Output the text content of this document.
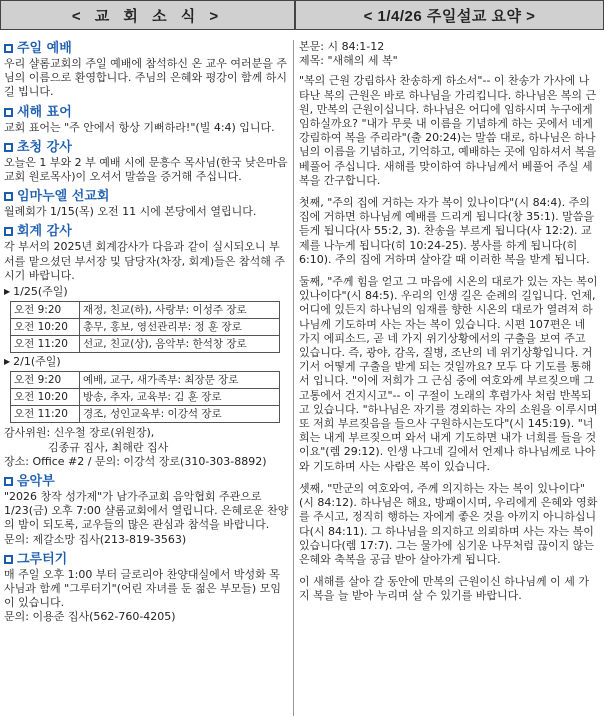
< 교 회 소 식 >	< 1/4/26 주일설교 요약 >
주일 예배

우리 샬롬교회의 주일 예배에 참석하신 온 교우 여러분을 주님의 이름으로 환영합니다. 주님의 은혜와 평강이 함께 하시길 빕니다.

새해 표어

교회 표어는 "주 안에서 항상 기뻐하라!"(빌 4:4) 입니다.

초청 강사

오늘은 1 부와 2 부 예배 시에 문흥수 목사님(한국 낮은마음교회 원로목사)이 오셔서 말씀을 증거해 주십니다.

임마누엘 선교회

월례회가 1/15(목) 오전 11 시에 본당에서 열립니다.

회계 감사

각 부서의 2025년 회계감사가 다음과 같이 실시되오니 부서를 맡으셨던 부서장 및 담당자(차장, 회계)들은 참석해 주시기 바랍니다.

▶ 1/25(주일)
오전 9:20	재정, 친교(하), 사랑부: 이성주 장로
오전 10:20	총무, 홍보, 영선관리부: 정 훈 장로
오전 11:20	선교, 친교(상), 음악부: 한석창 장로
▶ 2/1(주일)
오전 9:20	예배, 교구, 새가족부: 최장문 장로
오전 10:20	방송, 추자, 교육부: 김 훈 장로
오전 11:20	경조, 성인교육부: 이강석 장로

감사위원: 신우철 장로(위원장),

김종규 집사, 최해란 집사

장소: Office #2 / 문의: 이강석 장로(310-303-8892)

음악부

"2026 창작 성가제"가 남가주교회 음악협회 주관으로 1/23(금) 오후 7:00 샬롬교회에서 열립니다. 은혜로운 찬양의 밤이 되도록, 교우들의 많은 관심과 참석을 바랍니다.

문의: 제갈소망 집사(213-819-3563)

그루터기

매 주일 오후 1:00 부터 글로리아 찬양대실에서 박성화 목사님과 함께 "그루터기"(어린 자녀를 둔 젊은 부모들) 모임이 있습니다.

문의: 이용준 집사(562-760-4205)

본문: 시 84:1-12

제목: "새해의 세 복"

"복의 근원 강림하사 찬송하게 하소서"-- 이 찬송가 가사에 나타난 복의 근원은 바로 하나님을 가리킵니다. 하나님은 복의 근원, 만복의 근원이십니다. 하나님은 어디에 임하시며 누구에게 임하실까요? "내가 무릇 내 이름을 기념하게 하는 곳에서 네게 강림하여 복을 주리라"(출 20:24)는 말씀 대로, 하나님은 하나님의 이름을 기념하고, 기억하고, 예배하는 곳에 임하셔서 복을 베풀어 주십니다. 새해를 맞이하여 하나님께서 베풀어 주실 세 복을 간구합니다.

첫째, "주의 집에 거하는 자가 복이 있나이다"(시 84:4). 주의 집에 거하면 하나님께 예배를 드리게 됩니다(창 35:1). 말씀을 듣게 됩니다(사 55:2, 3). 찬송을 부르게 됩니다(사 12:2). 교제를 나누게 됩니다(히 10:24-25). 봉사를 하게 됩니다(히 6:10). 주의 집에 거하며 살아갈 때 이러한 복을 받게 됩니다.

둘째, "주께 힘을 얻고 그 마음에 시온의 대로가 있는 자는 복이 있나이다"(시 84:5). 우리의 인생 길은 순례의 길입니다. 언제, 어디에 있든지 하나님의 임재를 향한 시온의 대로가 열려져 하나님께 기도하며 사는 자는 복이 있습니다. 시편 107편은 네 가지 에피소드, 곧 네 가지 위기상황에서의 구출을 보여 주고 있습니다. 즉, 광야, 감옥, 질병, 조난의 네 위기상황입니다. 거기서 어떻게 구출을 받게 되는 것일까요? 모두 다 기도를 통해서 입니다. "이에 저희가 그 근심 중에 여호와께 부르짖으매 그 고통에서 건지시고"-- 이 구절이 노래의 후렴가사 처럼 반복되고 있습니다. "하나님은 자기를 경외하는 자의 소원을 이루시며 또 저희 부르짖음을 들으사 구원하시는도다"(시 145:19). "너희는 내게 부르짖으며 와서 내게 기도하면 내가 너희를 들을 것이요"(렘 29:12). 인생 나그네 길에서 언제나 하나님께로 나아와 기도하며 사는 사람은 복이 있습니다.

셋째, "만군의 여호와여, 주께 의지하는 자는 복이 있나이다"(시 84:12). 하나님은 해요, 방패이시며, 우리에게 은혜와 영화를 주시고, 정직히 행하는 자에게 좋은 것을 아끼지 아니하십니다(시 84:11). 그 하나님을 의지하고 의뢰하며 사는 자는 복이 있습니다(렘 17:7). 그는 물가에 심기운 나무처럼 끊이지 않는 은혜와 축복을 공급 받아 살아가게 됩니다.

이 새해를 살아 갈 동안에 만복의 근원이신 하나님께 이 세 가지 복을 늘 받아 누리며 살 수 있기를 바랍니다.
